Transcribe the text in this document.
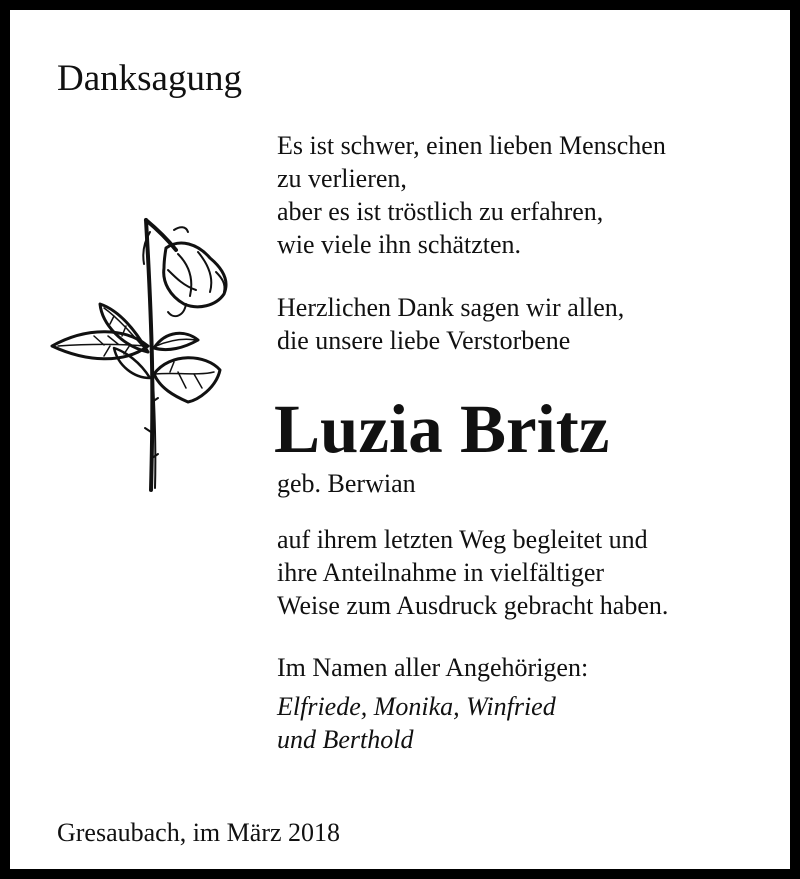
Danksagung
Es ist schwer, einen lieben Menschen
zu verlieren,
aber es ist tröstlich zu erfahren,
wie viele ihn schätzten.
Herzlichen Dank sagen wir allen,
die unsere liebe Verstorbene
Luzia Britz
geb. Berwian
auf ihrem letzten Weg begleitet und
ihre Anteilnahme in vielfältiger
Weise zum Ausdruck gebracht haben.
Im Namen aller Angehörigen:
Elfriede, Monika, Winfried
und Berthold
Gresaubach, im März 2018
